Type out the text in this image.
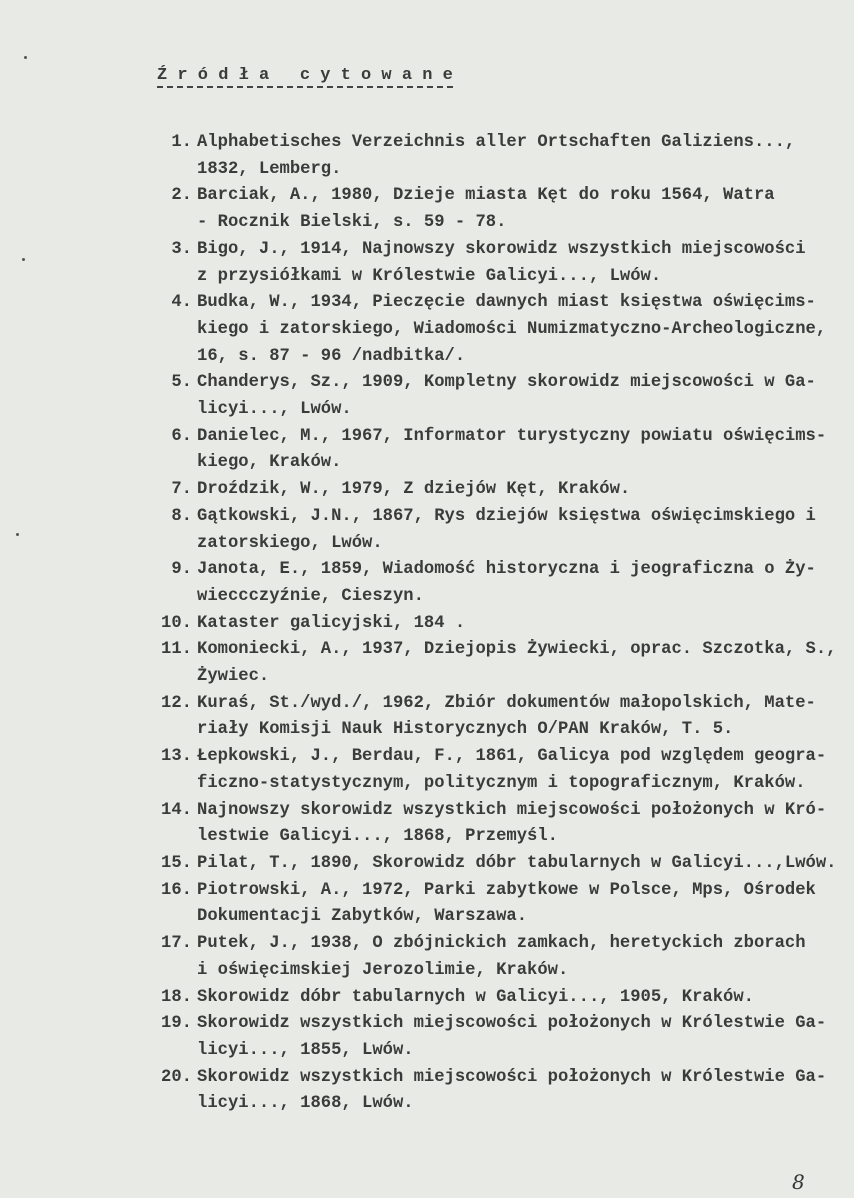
Ź r ó d ł a   c y t o w a n e
1. Alphabetisches Verzeichnis aller Ortschaften Galiziens...,
1832, Lemberg.
2. Barciak, A., 1980, Dzieje miasta Kęt do roku 1564, Watra
- Rocznik Bielski, s. 59 - 78.
3. Bigo, J., 1914, Najnowszy skorowidz wszystkich miejscowości
z przysiółkami w Królestwie Galicyi..., Lwów.
4. Budka, W., 1934, Pieczęcie dawnych miast księstwa oświęcims-
kiego i zatorskiego, Wiadomości Numizmatyczno-Archeologiczne,
16, s. 87 - 96 /nadbitka/.
5. Chanderys, Sz., 1909, Kompletny skorowidz miejscowości w Ga-
licyi..., Lwów.
6. Danielec, M., 1967, Informator turystyczny powiatu oświęcims-
kiego, Kraków.
7. Droździk, W., 1979, Z dziejów Kęt, Kraków.
8. Gątkowski, J.N., 1867, Rys dziejów księstwa oświęcimskiego i
zatorskiego, Lwów.
9. Janota, E., 1859, Wiadomość historyczna i jeograficzna o Ży-
wieccczyźnie, Cieszyn.
10. Kataster galicyjski, 184 .
11. Komoniecki, A., 1937, Dziejopis Żywiecki, oprac. Szczotka, S.,
Żywiec.
12. Kuraś, St./wyd./, 1962, Zbiór dokumentów małopolskich, Mate-
riały Komisji Nauk Historycznych O/PAN Kraków, T. 5.
13. Łepkowski, J., Berdau, F., 1861, Galicya pod względem geogra-
ficzno-statystycznym, politycznym i topograficznym, Kraków.
14. Najnowszy skorowidz wszystkich miejscowości położonych w Kró-
lestwie Galicyi..., 1868, Przemyśl.
15. Pilat, T., 1890, Skorowidz dóbr tabularnych w Galicyi...,Lwów.
16. Piotrowski, A., 1972, Parki zabytkowe w Polsce, Mps, Ośrodek
Dokumentacji Zabytków, Warszawa.
17. Putek, J., 1938, O zbójnickich zamkach, heretyckich zborach
i oświęcimskiej Jerozolimie, Kraków.
18. Skorowidz dóbr tabularnych w Galicyi..., 1905, Kraków.
19. Skorowidz wszystkich miejscowości położonych w Królestwie Ga-
licyi..., 1855, Lwów.
20. Skorowidz wszystkich miejscowości położonych w Królestwie Ga-
licyi..., 1868, Lwów.
8
